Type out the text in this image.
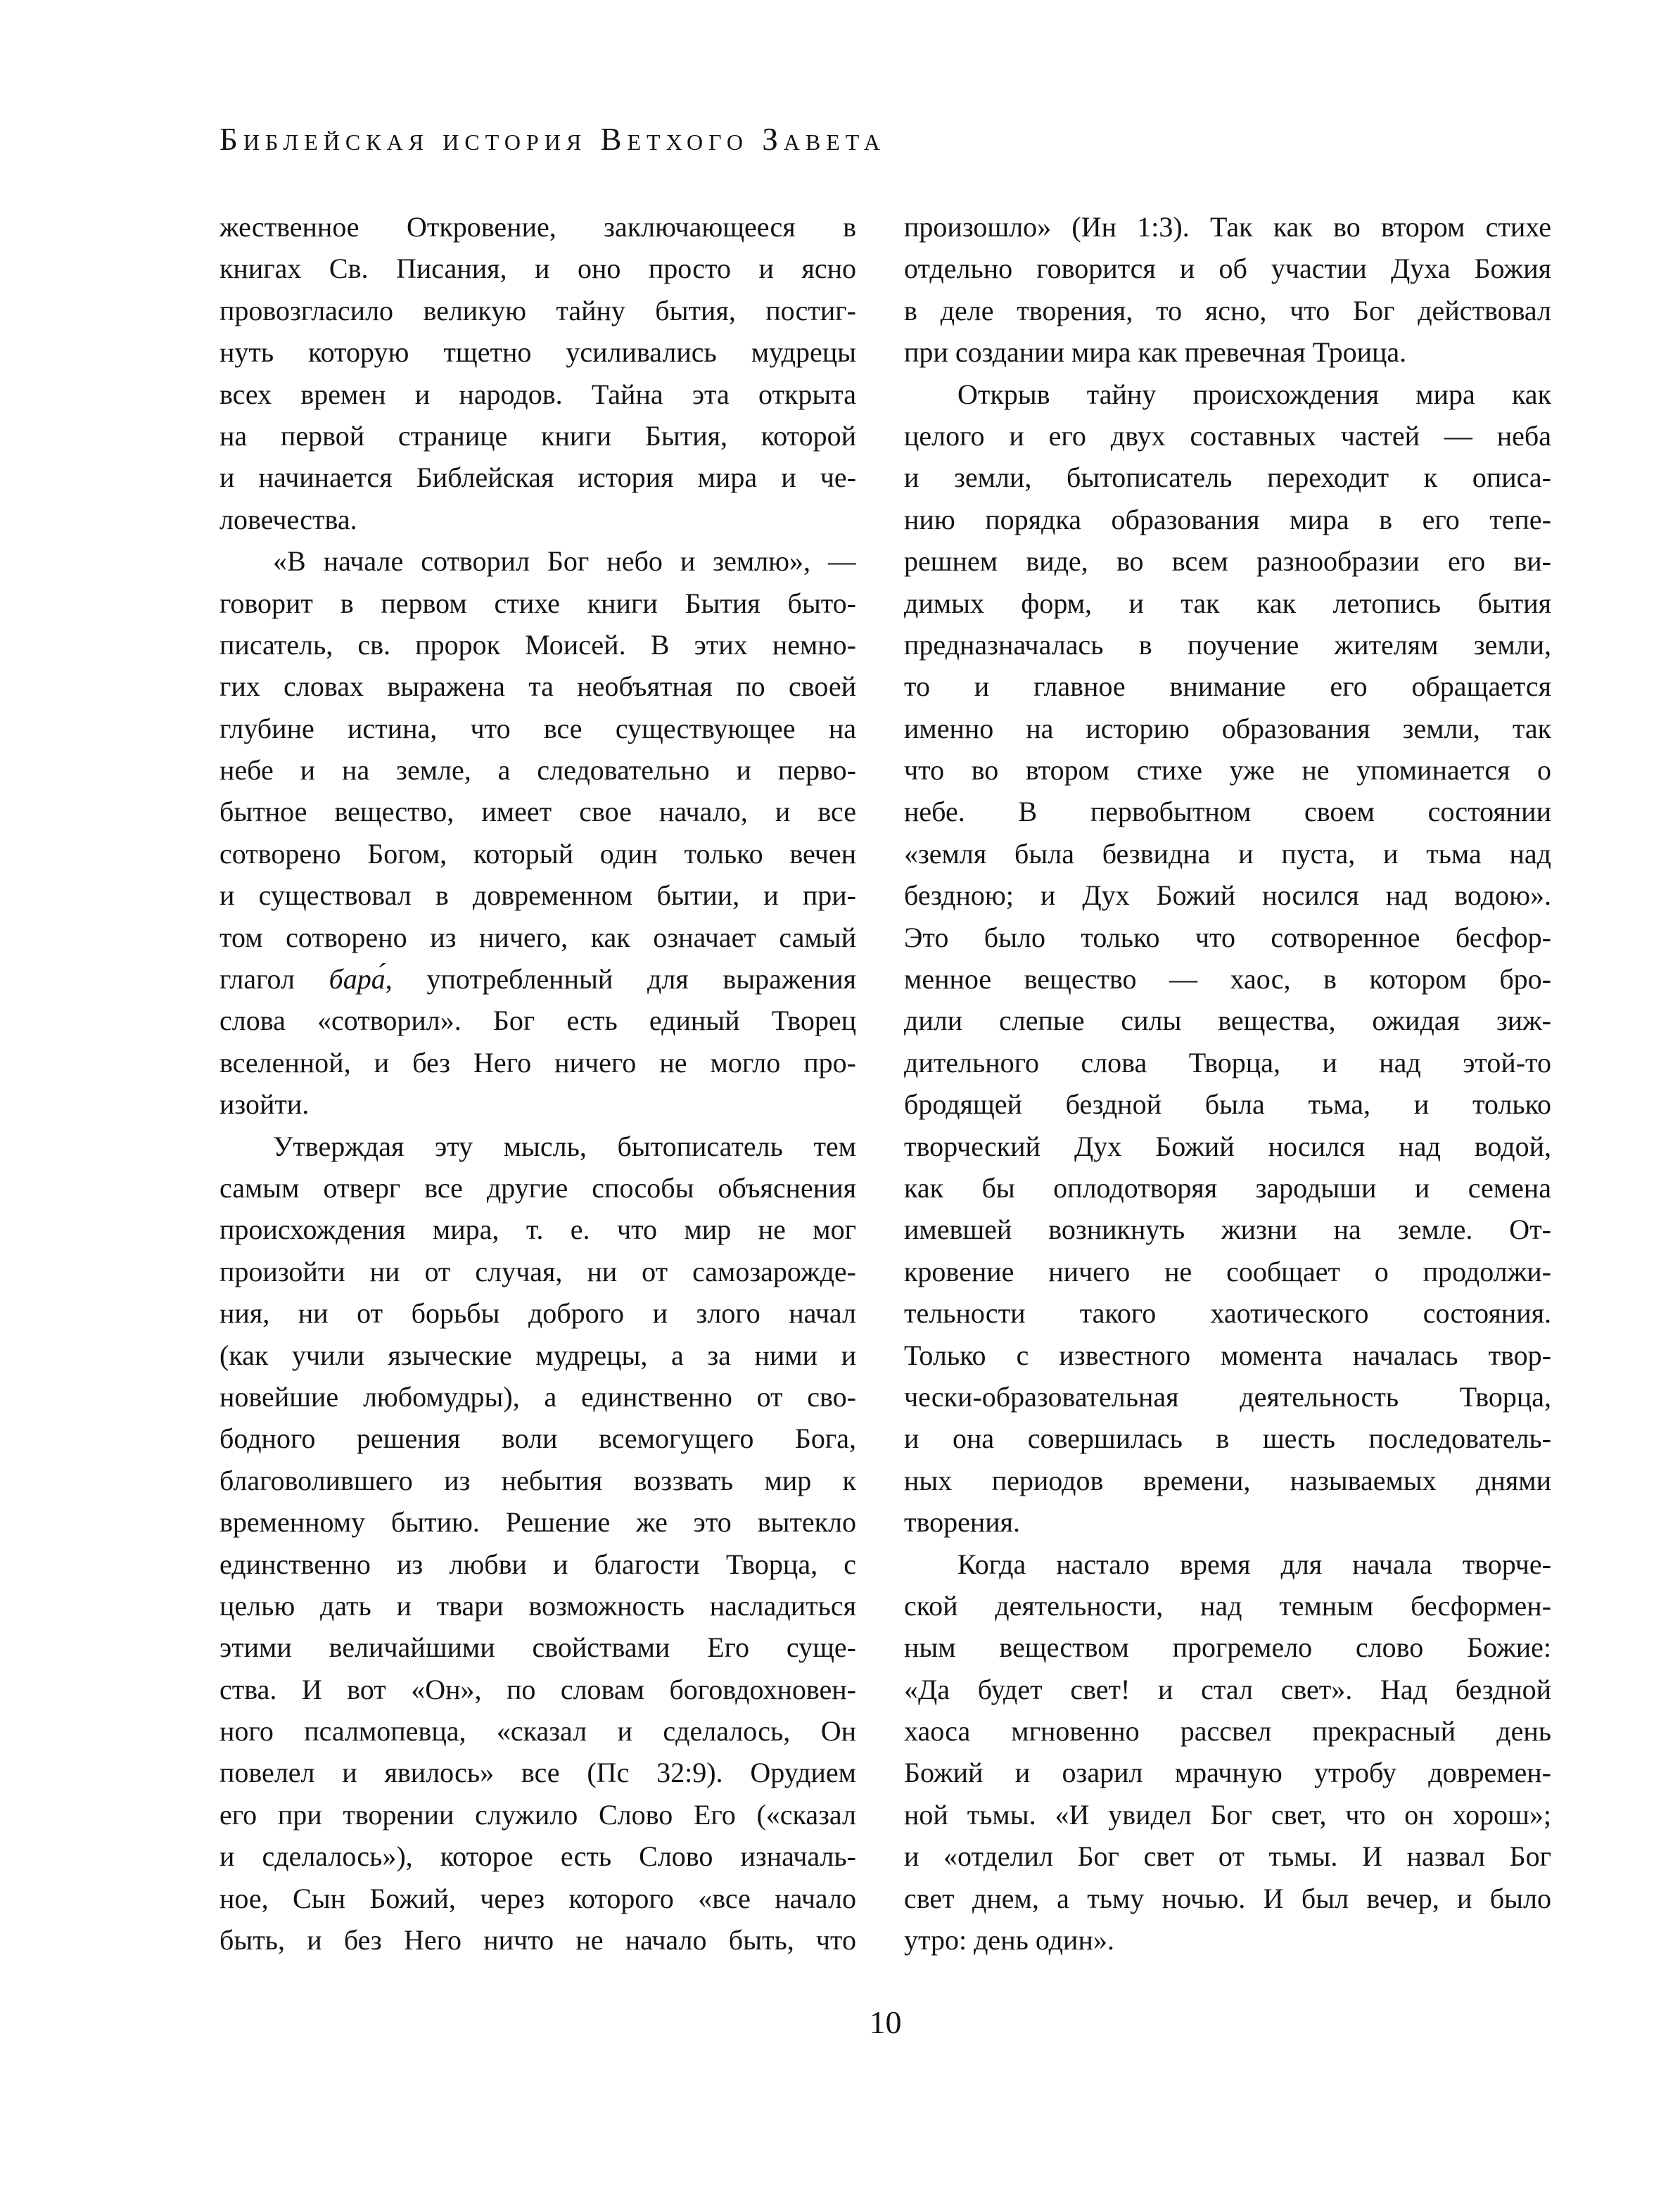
Библейская история Ветхого Завета
жественное Откровение, заключающееся в
книгах Св. Писания, и оно просто и ясно
провозгласило великую тайну бытия, постиг-
нуть которую тщетно усиливались мудрецы
всех времен и народов. Тайна эта открыта
на первой странице книги Бытия, которой
и начинается Библейская история мира и че-
ловечества.
«В начале сотворил Бог небо и землю», —
говорит в первом стихе книги Бытия быто-
писатель, св. пророк Моисей. В этих немно-
гих словах выражена та необъятная по своей
глубине истина, что все существующее на
небе и на земле, а следовательно и перво-
бытное вещество, имеет свое начало, и все
сотворено Богом, который один только вечен
и существовал в довременном бытии, и при-
том сотворено из ничего, как означает самый
глагол бара́, употребленный для выражения
слова «сотворил». Бог есть единый Творец
вселенной, и без Него ничего не могло про-
изойти.
Утверждая эту мысль, бытописатель тем
самым отверг все другие способы объяснения
происхождения мира, т. е. что мир не мог
произойти ни от случая, ни от самозарожде-
ния, ни от борьбы доброго и злого начал
(как учили языческие мудрецы, а за ними и
новейшие любомудры), а единственно от сво-
бодного решения воли всемогущего Бога,
благоволившего из небытия воззвать мир к
временному бытию. Решение же это вытекло
единственно из любви и благости Творца, с
целью дать и твари возможность насладиться
этими величайшими свойствами Его суще-
ства. И вот «Он», по словам боговдохновен-
ного псалмопевца, «сказал и сделалось, Он
повелел и явилось» все (Пс 32:9). Орудием
его при творении служило Слово Его («сказал
и сделалось»), которое есть Слово изначаль-
ное, Сын Божий, через которого «все начало
быть, и без Него ничто не начало быть, что
произошло» (Ин 1:3). Так как во втором стихе
отдельно говорится и об участии Духа Божия
в деле творения, то ясно, что Бог действовал
при создании мира как превечная Троица.
Открыв тайну происхождения мира как
целого и его двух составных частей — неба
и земли, бытописатель переходит к описа-
нию порядка образования мира в его тепе-
решнем виде, во всем разнообразии его ви-
димых форм, и так как летопись бытия
предназначалась в поучение жителям земли,
то и главное внимание его обращается
именно на историю образования земли, так
что во втором стихе уже не упоминается о
небе. В первобытном своем состоянии
«земля была безвидна и пуста, и тьма над
бездною; и Дух Божий носился над водою».
Это было только что сотворенное бесфор-
менное вещество — хаос, в котором бро-
дили слепые силы вещества, ожидая зиж-
дительного слова Творца, и над этой-то
бродящей бездной была тьма, и только
творческий Дух Божий носился над водой,
как бы оплодотворяя зародыши и семена
имевшей возникнуть жизни на земле. От-
кровение ничего не сообщает о продолжи-
тельности такого хаотического состояния.
Только с известного момента началась твор-
чески-образовательная деятельность Творца,
и она совершилась в шесть последователь-
ных периодов времени, называемых днями
творения.
Когда настало время для начала творче-
ской деятельности, над темным бесформен-
ным веществом прогремело слово Божие:
«Да будет свет! и стал свет». Над бездной
хаоса мгновенно рассвел прекрасный день
Божий и озарил мрачную утробу довремен-
ной тьмы. «И увидел Бог свет, что он хорош»;
и «отделил Бог свет от тьмы. И назвал Бог
свет днем, а тьму ночью. И был вечер, и было
утро: день один».
10
